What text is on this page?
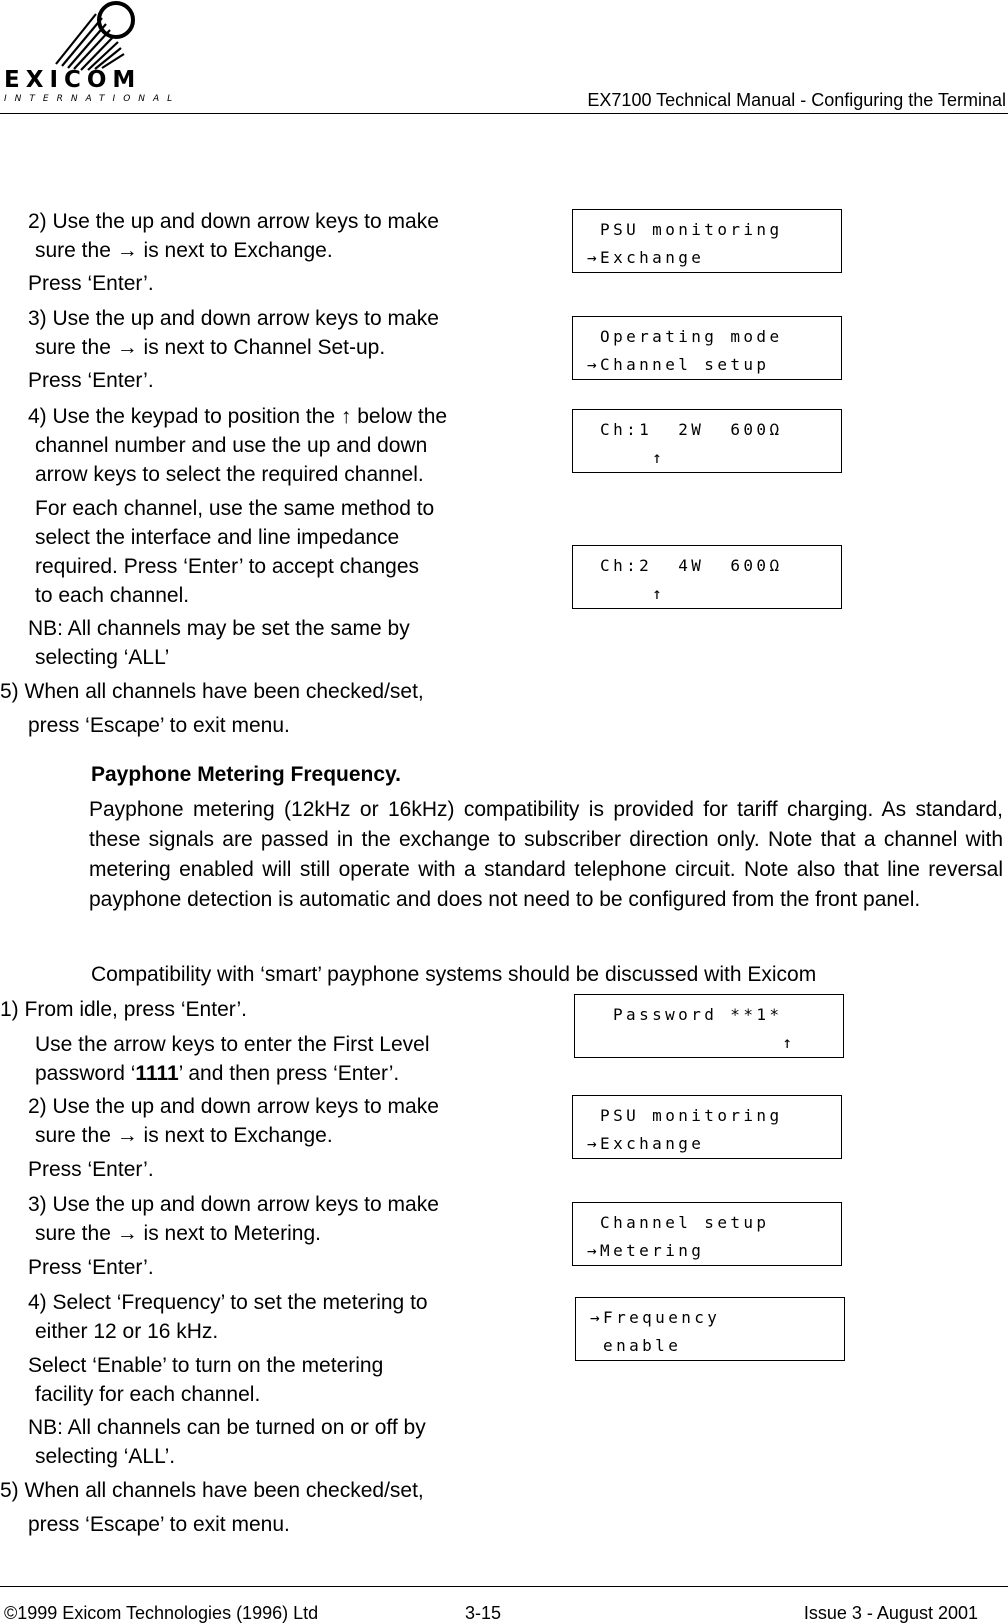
EXICOM
INTERNATIONAL	EX7100 Technical Manual - Configuring the Terminal
2) Use the up and down arrow keys to make
sure the → is next to Exchange.
Press ‘Enter’.
3) Use the up and down arrow keys to make
sure the → is next to Channel Set-up.
Press ‘Enter’.
4) Use the keypad to position the ↑ below the
channel number and use the up and down
arrow keys to select the required channel.
For each channel, use the same method to
select the interface and line impedance
required. Press ‘Enter’ to accept changes
to each channel.
NB: All channels may be set the same by
selecting ‘ALL’
5) When all channels have been checked/set,
press ‘Escape’ to exit menu.
PSU monitoring
→Exchange
Operating mode
→Channel setup
Ch:1  2W  600Ω
↑
Ch:2  4W  600Ω
↑
Payphone Metering Frequency.
Payphone metering (12kHz or 16kHz) compatibility is provided for tariff charging. As standard, these signals are passed in the exchange to subscriber direction only. Note that a channel with metering enabled will still operate with a standard telephone circuit. Note also that line reversal payphone detection is automatic and does not need to be configured from the front panel.
Compatibility with ‘smart’ payphone systems should be discussed with Exicom
1) From idle, press ‘Enter’.
Use the arrow keys to enter the First Level
password ‘1111’ and then press ‘Enter’.
2) Use the up and down arrow keys to make
sure the → is next to Exchange.
Press ‘Enter’.
3) Use the up and down arrow keys to make
sure the → is next to Metering.
Press ‘Enter’.
4) Select ‘Frequency’ to set the metering to
either 12 or 16 kHz.
Select ‘Enable’ to turn on the metering
facility for each channel.
NB: All channels can be turned on or off by
selecting ‘ALL’.
5) When all channels have been checked/set,
press ‘Escape’ to exit menu.
Password **1*
↑
PSU monitoring
→Exchange
Channel setup
→Metering
→Frequency
enable
©1999 Exicom Technologies (1996) Ltd	3-15	Issue 3 - August 2001
